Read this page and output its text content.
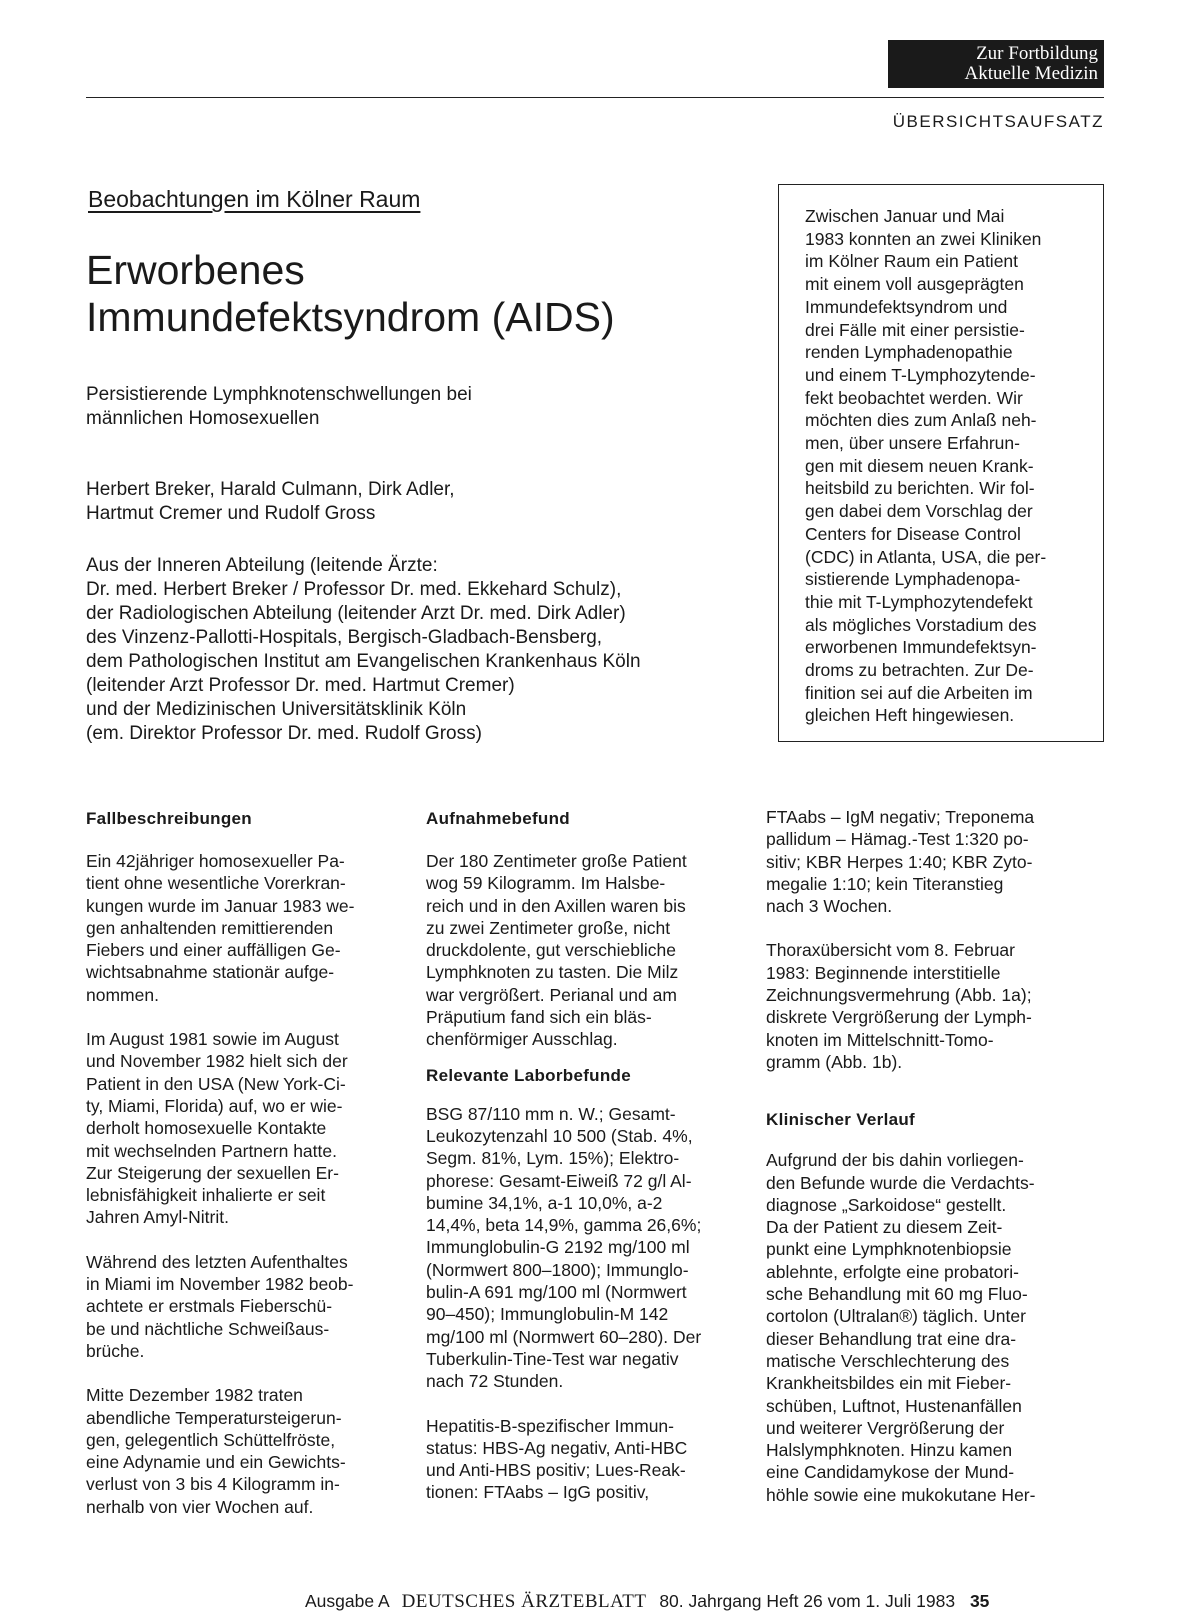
Zur Fortbildung
Aktuelle Medizin
ÜBERSICHTSAUFSATZ
Beobachtungen im Kölner Raum
Erworbenes
Immundefektsyndrom (AIDS)
Persistierende Lymphknotenschwellungen bei
männlichen Homosexuellen
Herbert Breker, Harald Culmann, Dirk Adler,
Hartmut Cremer und Rudolf Gross
Aus der Inneren Abteilung (leitende Ärzte:
Dr. med. Herbert Breker / Professor Dr. med. Ekkehard Schulz),
der Radiologischen Abteilung (leitender Arzt Dr. med. Dirk Adler)
des Vinzenz-Pallotti-Hospitals, Bergisch-Gladbach-Bensberg,
dem Pathologischen Institut am Evangelischen Krankenhaus Köln
(leitender Arzt Professor Dr. med. Hartmut Cremer)
und der Medizinischen Universitätsklinik Köln
(em. Direktor Professor Dr. med. Rudolf Gross)
Zwischen Januar und Mai
1983 konnten an zwei Kliniken
im Kölner Raum ein Patient
mit einem voll ausgeprägten
Immundefektsyndrom und
drei Fälle mit einer persistie-
renden Lymphadenopathie
und einem T-Lymphozytende-
fekt beobachtet werden. Wir
möchten dies zum Anlaß neh-
men, über unsere Erfahrun-
gen mit diesem neuen Krank-
heitsbild zu berichten. Wir fol-
gen dabei dem Vorschlag der
Centers for Disease Control
(CDC) in Atlanta, USA, die per-
sistierende Lymphadenopa-
thie mit T-Lymphozytendefekt
als mögliches Vorstadium des
erworbenen Immundefektsyn-
droms zu betrachten. Zur De-
finition sei auf die Arbeiten im
gleichen Heft hingewiesen.
Fallbeschreibungen

Ein 42jähriger homosexueller Pa-
tient ohne wesentliche Vorerkran-
kungen wurde im Januar 1983 we-
gen anhaltenden remittierenden
Fiebers und einer auffälligen Ge-
wichtsabnahme stationär aufge-
nommen.

Im August 1981 sowie im August
und November 1982 hielt sich der
Patient in den USA (New York-Ci-
ty, Miami, Florida) auf, wo er wie-
derholt homosexuelle Kontakte
mit wechselnden Partnern hatte.
Zur Steigerung der sexuellen Er-
lebnisfähigkeit inhalierte er seit
Jahren Amyl-Nitrit.

Während des letzten Aufenthaltes
in Miami im November 1982 beob-
achtete er erstmals Fieberschü-
be und nächtliche Schweißaus-
brüche.

Mitte Dezember 1982 traten
abendliche Temperatursteigerun-
gen, gelegentlich Schüttelfröste,
eine Adynamie und ein Gewichts-
verlust von 3 bis 4 Kilogramm in-
nerhalb von vier Wochen auf.

Aufnahmebefund

Der 180 Zentimeter große Patient
wog 59 Kilogramm. Im Halsbe-
reich und in den Axillen waren bis
zu zwei Zentimeter große, nicht
druckdolente, gut verschiebliche
Lymphknoten zu tasten. Die Milz
war vergrößert. Perianal und am
Präputium fand sich ein bläs-
chenförmiger Ausschlag.

Relevante Laborbefunde

BSG 87/110 mm n. W.; Gesamt-
Leukozytenzahl 10 500 (Stab. 4%,
Segm. 81%, Lym. 15%); Elektro-
phorese: Gesamt-Eiweiß 72 g/l Al-
bumine 34,1%, a-1 10,0%, a-2
14,4%, beta 14,9%, gamma 26,6%;
Immunglobulin-G 2192 mg/100 ml
(Normwert 800–1800); Immunglo-
bulin-A 691 mg/100 ml (Normwert
90–450); Immunglobulin-M 142
mg/100 ml (Normwert 60–280). Der
Tuberkulin-Tine-Test war negativ
nach 72 Stunden.

Hepatitis-B-spezifischer Immun-
status: HBS-Ag negativ, Anti-HBC
und Anti-HBS positiv; Lues-Reak-
tionen: FTAabs – IgG positiv,

FTAabs – IgM negativ; Treponema
pallidum – Hämag.-Test 1:320 po-
sitiv; KBR Herpes 1:40; KBR Zyto-
megalie 1:10; kein Titeranstieg
nach 3 Wochen.

Thoraxübersicht vom 8. Februar
1983: Beginnende interstitielle
Zeichnungsvermehrung (Abb. 1a);
diskrete Vergrößerung der Lymph-
knoten im Mittelschnitt-Tomo-
gramm (Abb. 1b).

Klinischer Verlauf

Aufgrund der bis dahin vorliegen-
den Befunde wurde die Verdachts-
diagnose „Sarkoidose“ gestellt.
Da der Patient zu diesem Zeit-
punkt eine Lymphknotenbiopsie
ablehnte, erfolgte eine probatori-
sche Behandlung mit 60 mg Fluo-
cortolon (Ultralan®) täglich. Unter
dieser Behandlung trat eine dra-
matische Verschlechterung des
Krankheitsbildes ein mit Fieber-
schüben, Luftnot, Hustenanfällen
und weiterer Vergrößerung der
Halslymphknoten. Hinzu kamen
eine Candidamykose der Mund-
höhle sowie eine mukokutane Her-

Ausgabe A DEUTSCHES ÄRZTEBLATT 80. Jahrgang Heft 26 vom 1. Juli 1983 35
